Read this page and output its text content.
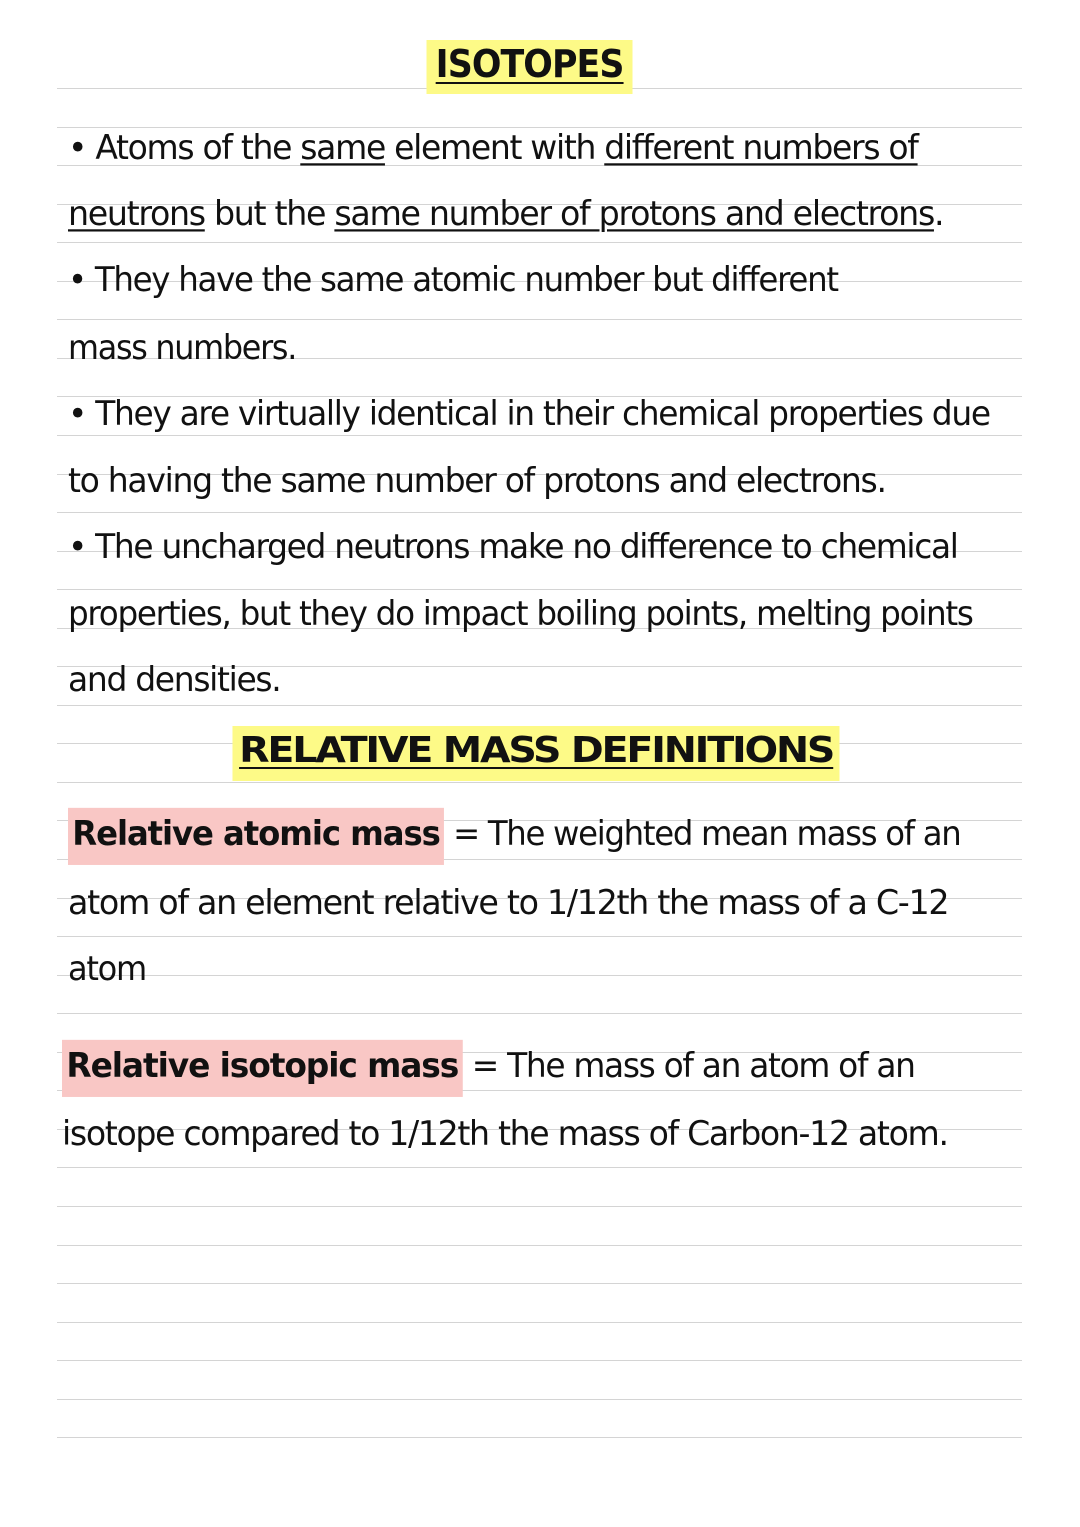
ISOTOPES
• Atoms of the same element with different numbers of
neutrons but the same number of protons and electrons.
• They have the same atomic number but different
mass numbers.
• They are virtually identical in their chemical properties due
to having the same number of protons and electrons.
• The uncharged neutrons make no difference to chemical
properties, but they do impact boiling points, melting points
and densities.
RELATIVE MASS DEFINITIONS
Relative atomic mass = The weighted mean mass of an
atom of an element relative to 1/12th the mass of a C-12
atom
Relative isotopic mass = The mass of an atom of an
isotope compared to 1/12th the mass of Carbon-12 atom.
